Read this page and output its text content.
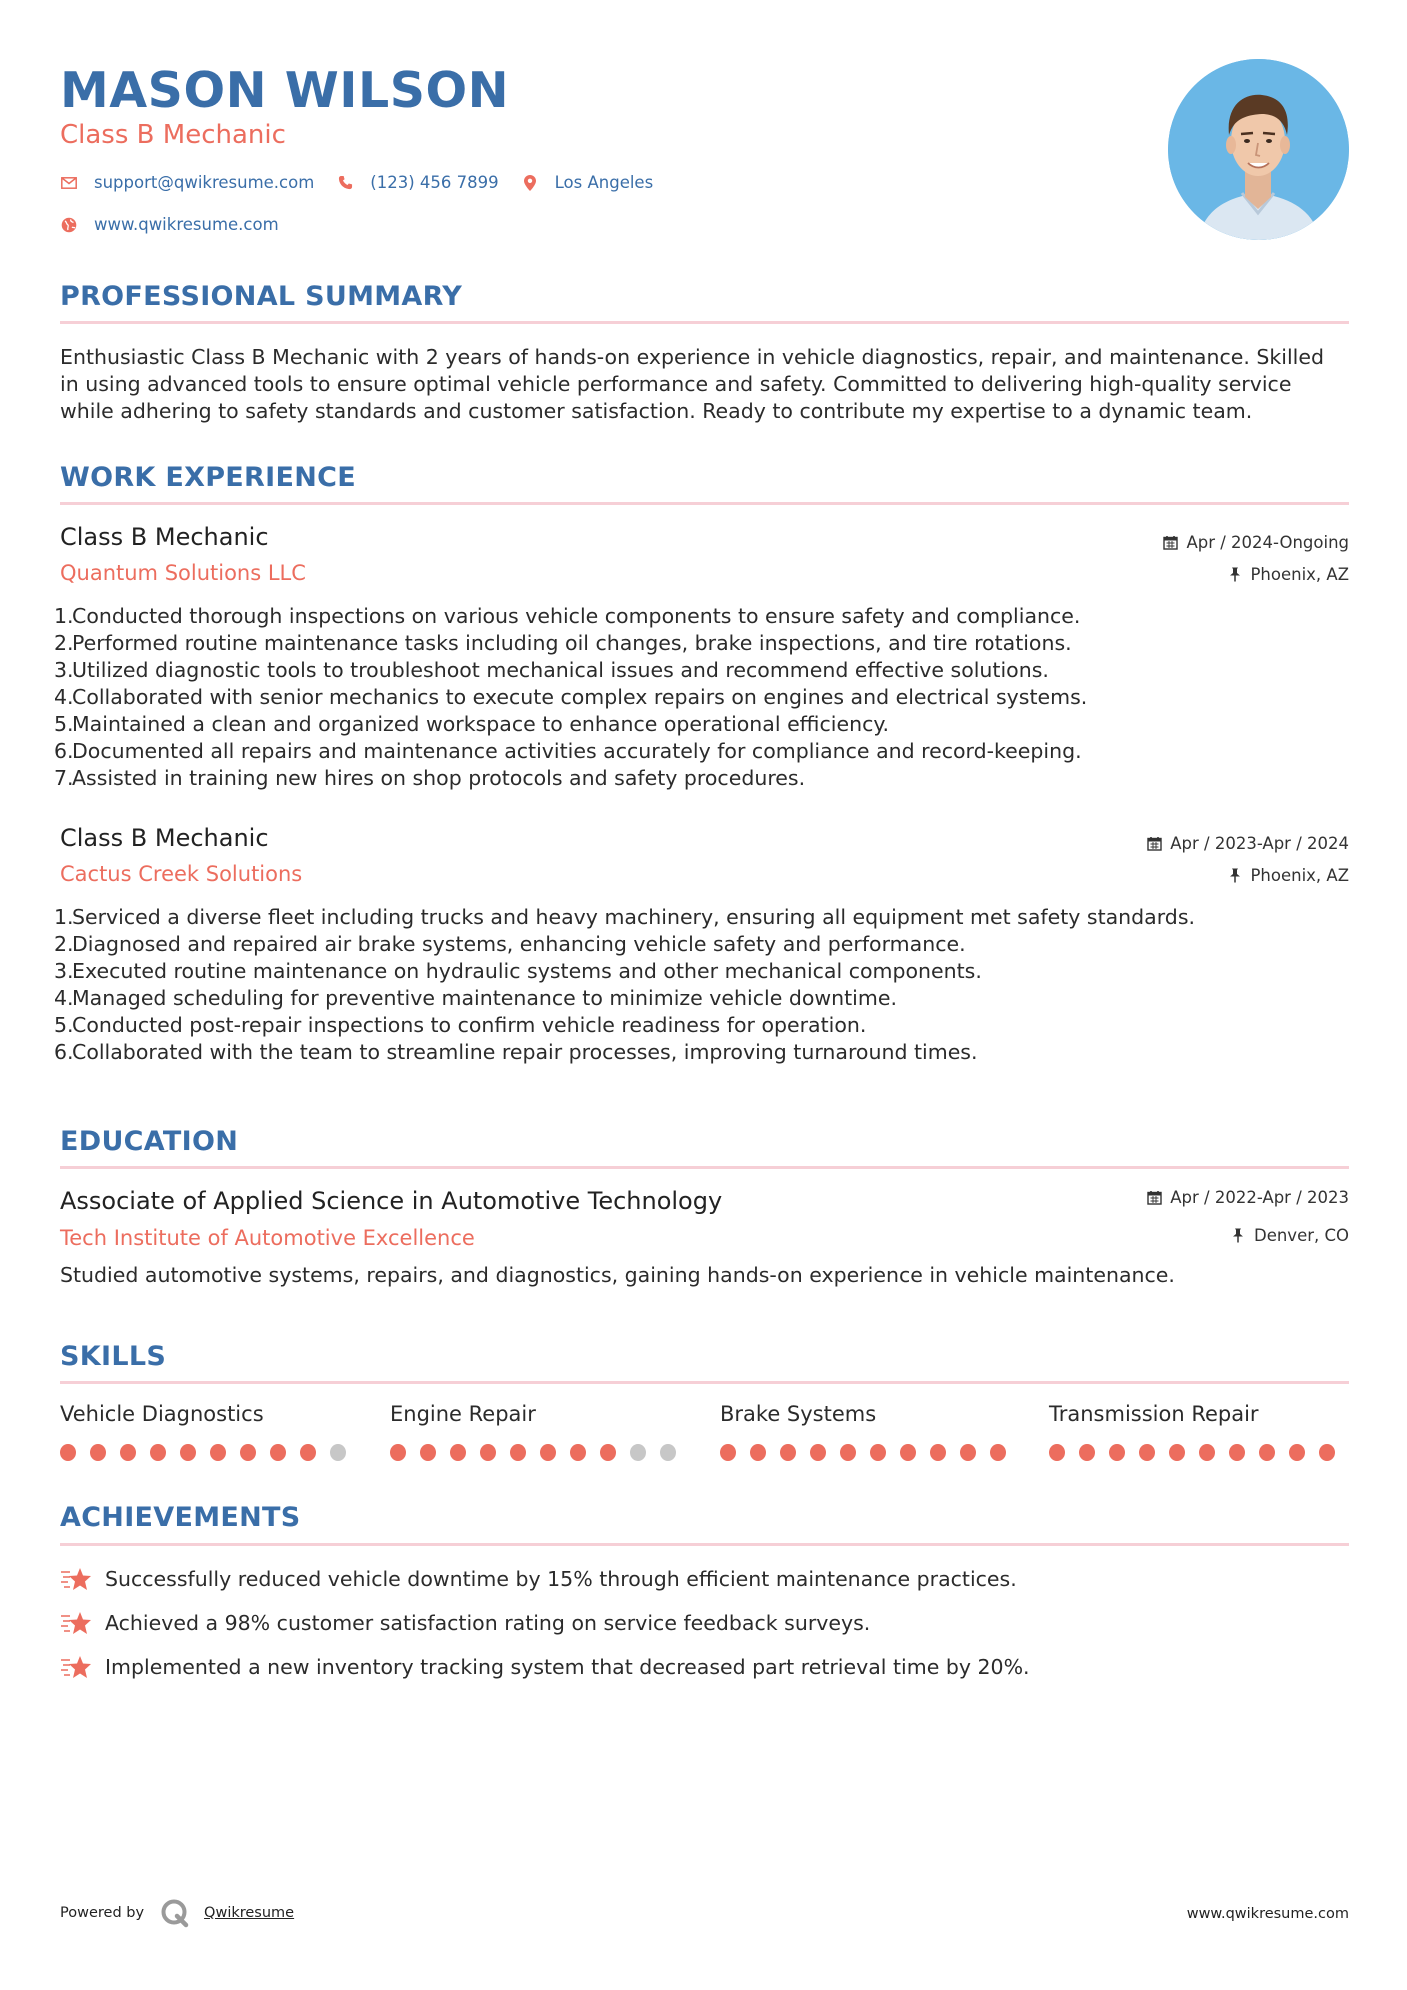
MASON WILSON
Class B Mechanic
support@qwikresume.com	(123) 456 7899	Los Angeles
www.qwikresume.com
PROFESSIONAL SUMMARY
Enthusiastic Class B Mechanic with 2 years of hands-on experience in vehicle diagnostics, repair, and maintenance. Skilled in using advanced tools to ensure optimal vehicle performance and safety. Committed to delivering high-quality service while adhering to safety standards and customer satisfaction. Ready to contribute my expertise to a dynamic team.
WORK EXPERIENCE
Class B Mechanic
Quantum Solutions LLC
Apr / 2024-Ongoing
Phoenix, AZ
1.
Conducted thorough inspections on various vehicle components to ensure safety and compliance.
2.
Performed routine maintenance tasks including oil changes, brake inspections, and tire rotations.
3.
Utilized diagnostic tools to troubleshoot mechanical issues and recommend effective solutions.
4.
Collaborated with senior mechanics to execute complex repairs on engines and electrical systems.
5.
Maintained a clean and organized workspace to enhance operational efficiency.
6.
Documented all repairs and maintenance activities accurately for compliance and record-keeping.
7.
Assisted in training new hires on shop protocols and safety procedures.
Class B Mechanic
Cactus Creek Solutions
Apr / 2023-Apr / 2024
Phoenix, AZ
1.
Serviced a diverse fleet including trucks and heavy machinery, ensuring all equipment met safety standards.
2.
Diagnosed and repaired air brake systems, enhancing vehicle safety and performance.
3.
Executed routine maintenance on hydraulic systems and other mechanical components.
4.
Managed scheduling for preventive maintenance to minimize vehicle downtime.
5.
Conducted post-repair inspections to confirm vehicle readiness for operation.
6.
Collaborated with the team to streamline repair processes, improving turnaround times.
EDUCATION
Associate of Applied Science in Automotive Technology
Tech Institute of Automotive Excellence
Apr / 2022-Apr / 2023
Denver, CO
Studied automotive systems, repairs, and diagnostics, gaining hands-on experience in vehicle maintenance.
SKILLS
Vehicle Diagnostics	Engine Repair	Brake Systems	Transmission Repair
ACHIEVEMENTS
Successfully reduced vehicle downtime by 15% through efficient maintenance practices.
Achieved a 98% customer satisfaction rating on service feedback surveys.
Implemented a new inventory tracking system that decreased part retrieval time by 20%.
Powered by	Qwikresume	www.qwikresume.com
